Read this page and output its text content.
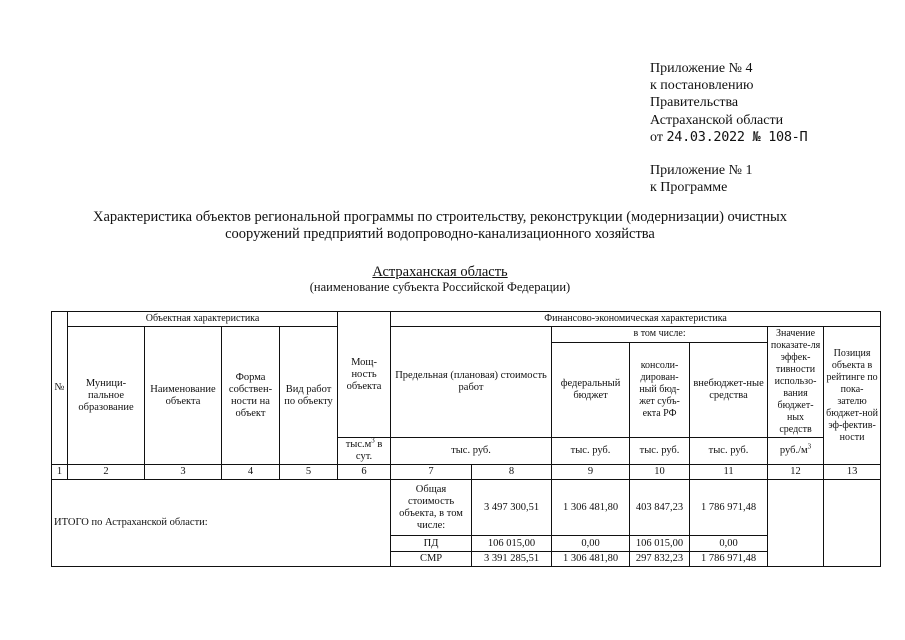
Приложение № 4
к постановлению
Правительства
Астраханской области
от 24.03.2022 № 108-П
Приложение № 1
к Программе
Характеристика объектов региональной программы по строительству, реконструкции (модернизации) очистных
сооружений предприятий водопроводно-канализационного хозяйства
Астраханская область
(наименование субъекта Российской Федерации)
№	Объектная характеристика				Мощ-ность объекта	Финансово-экономическая характеристика						
	Муници-пальное образование	Наименование объекта	Форма собствен-ности на объект	Вид работ по объекту		Предельная (плановая) стоимость работ		в том числе:			Значение показате-ля эффек-тивности использо-вания бюджет-ных средств	Позиция объекта в рейтинге по пока-зателю бюджет-ной эф-фектив-ности
								федеральный бюджет	консоли-дирован-ный бюд-жет субъ-екта РФ	внебюджет-ные средства		
					$тыс.м^3$ в сут.	тыс. руб.		тыс. руб.	тыс. руб.	тыс. руб.	$руб./м^3$
1	2	3	4	5	6	7	8	9	10	11	12	13
ИТОГО по Астраханской области:						Общая стоимость объекта, в том числе:	3 497 300,51	1 306 481,80	403 847,23	1 786 971,48		
						ПД	106 015,00	0,00	106 015,00	0,00		
						СМР	3 391 285,51	1 306 481,80	297 832,23	1 786 971,48		
